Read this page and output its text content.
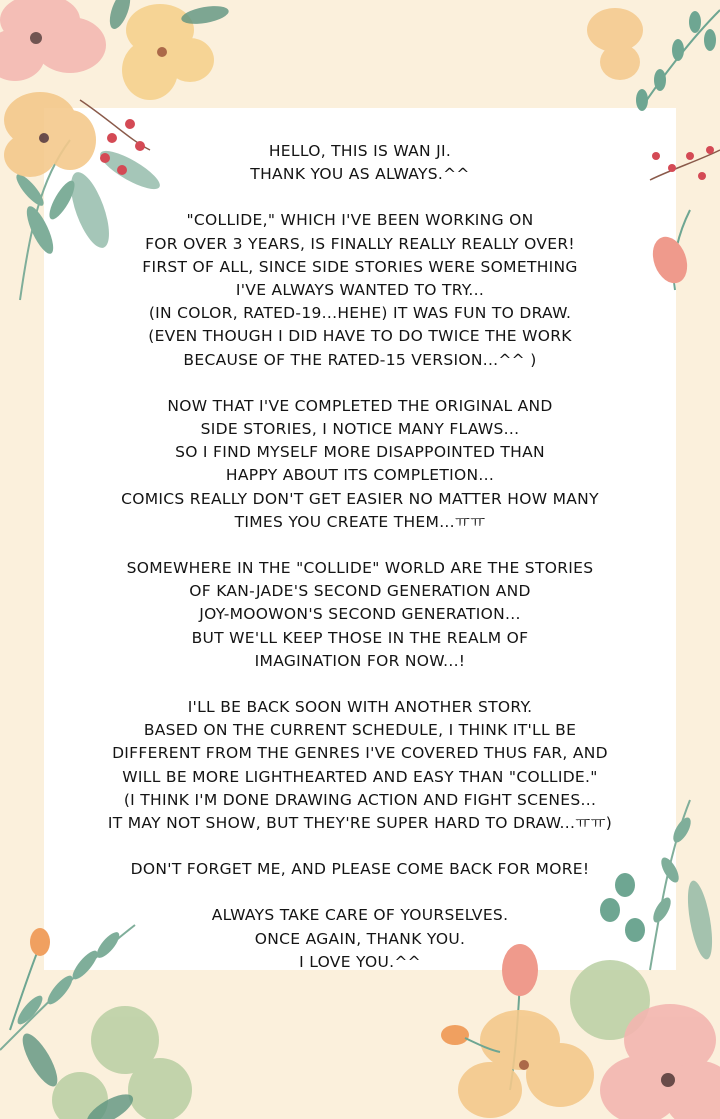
HELLO, THIS IS WAN JI.
THANK YOU AS ALWAYS.^^
"COLLIDE," WHICH I'VE BEEN WORKING ON
FOR OVER 3 YEARS, IS FINALLY REALLY REALLY OVER!
FIRST OF ALL, SINCE SIDE STORIES WERE SOMETHING
I'VE ALWAYS WANTED TO TRY...
(IN COLOR, RATED-19...HEHE) IT WAS FUN TO DRAW.
(EVEN THOUGH I DID HAVE TO DO TWICE THE WORK
BECAUSE OF THE RATED-15 VERSION...^^ )
NOW THAT I'VE COMPLETED THE ORIGINAL AND
SIDE STORIES, I NOTICE MANY FLAWS...
SO I FIND MYSELF MORE DISAPPOINTED THAN
HAPPY ABOUT ITS COMPLETION...
COMICS REALLY DON'T GET EASIER NO MATTER HOW MANY
TIMES YOU CREATE THEM...ㅠㅠ
SOMEWHERE IN THE "COLLIDE" WORLD ARE THE STORIES
OF KAN-JADE'S SECOND GENERATION AND
JOY-MOOWON'S SECOND GENERATION...
BUT WE'LL KEEP THOSE IN THE REALM OF
IMAGINATION FOR NOW...!
I'LL BE BACK SOON WITH ANOTHER STORY.
BASED ON THE CURRENT SCHEDULE, I THINK IT'LL BE
DIFFERENT FROM THE GENRES I'VE COVERED THUS FAR, AND
WILL BE MORE LIGHTHEARTED AND EASY THAN "COLLIDE."
(I THINK I'M DONE DRAWING ACTION AND FIGHT SCENES...
IT MAY NOT SHOW, BUT THEY'RE SUPER HARD TO DRAW...ㅠㅠ)
DON'T FORGET ME, AND PLEASE COME BACK FOR MORE!
ALWAYS TAKE CARE OF YOURSELVES.
ONCE AGAIN, THANK YOU.
I LOVE YOU.^^
